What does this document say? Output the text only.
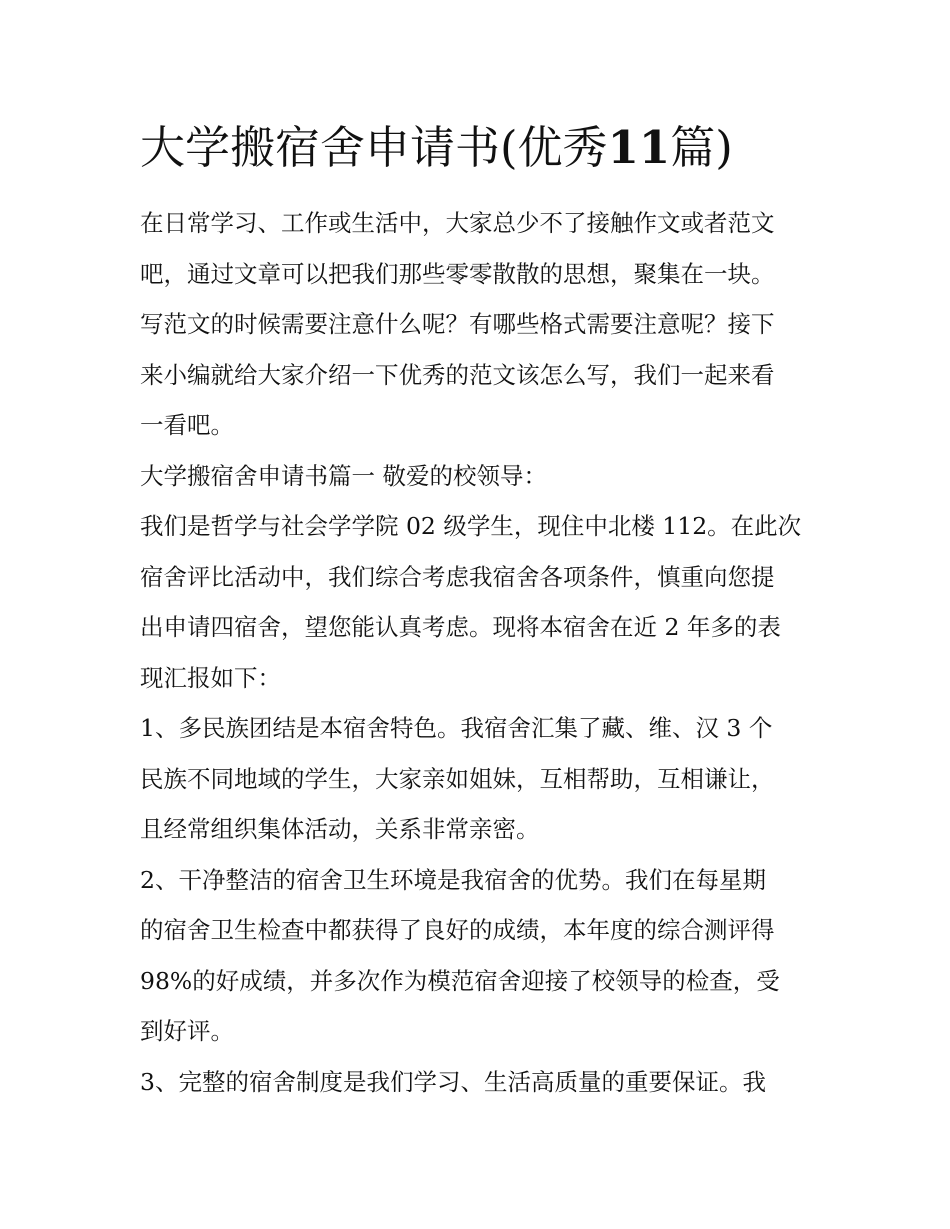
大学搬宿舍申请书(优秀11篇)
在日常学习、工作或生活中，大家总少不了接触作文或者范文
吧，通过文章可以把我们那些零零散散的思想，聚集在一块。
写范文的时候需要注意什么呢？有哪些格式需要注意呢？接下
来小编就给大家介绍一下优秀的范文该怎么写，我们一起来看
一看吧。
大学搬宿舍申请书篇一 敬爱的校领导：
我们是哲学与社会学学院 02 级学生，现住中北楼 112。在此次
宿舍评比活动中，我们综合考虑我宿舍各项条件，慎重向您提
出申请四宿舍，望您能认真考虑。现将本宿舍在近 2 年多的表
现汇报如下：
1、多民族团结是本宿舍特色。我宿舍汇集了藏、维、汉 3 个
民族不同地域的学生，大家亲如姐妹，互相帮助，互相谦让，
且经常组织集体活动，关系非常亲密。
2、干净整洁的宿舍卫生环境是我宿舍的优势。我们在每星期
的宿舍卫生检查中都获得了良好的成绩，本年度的综合测评得
98%的好成绩，并多次作为模范宿舍迎接了校领导的检查，受
到好评。
3、完整的宿舍制度是我们学习、生活高质量的重要保证。我
